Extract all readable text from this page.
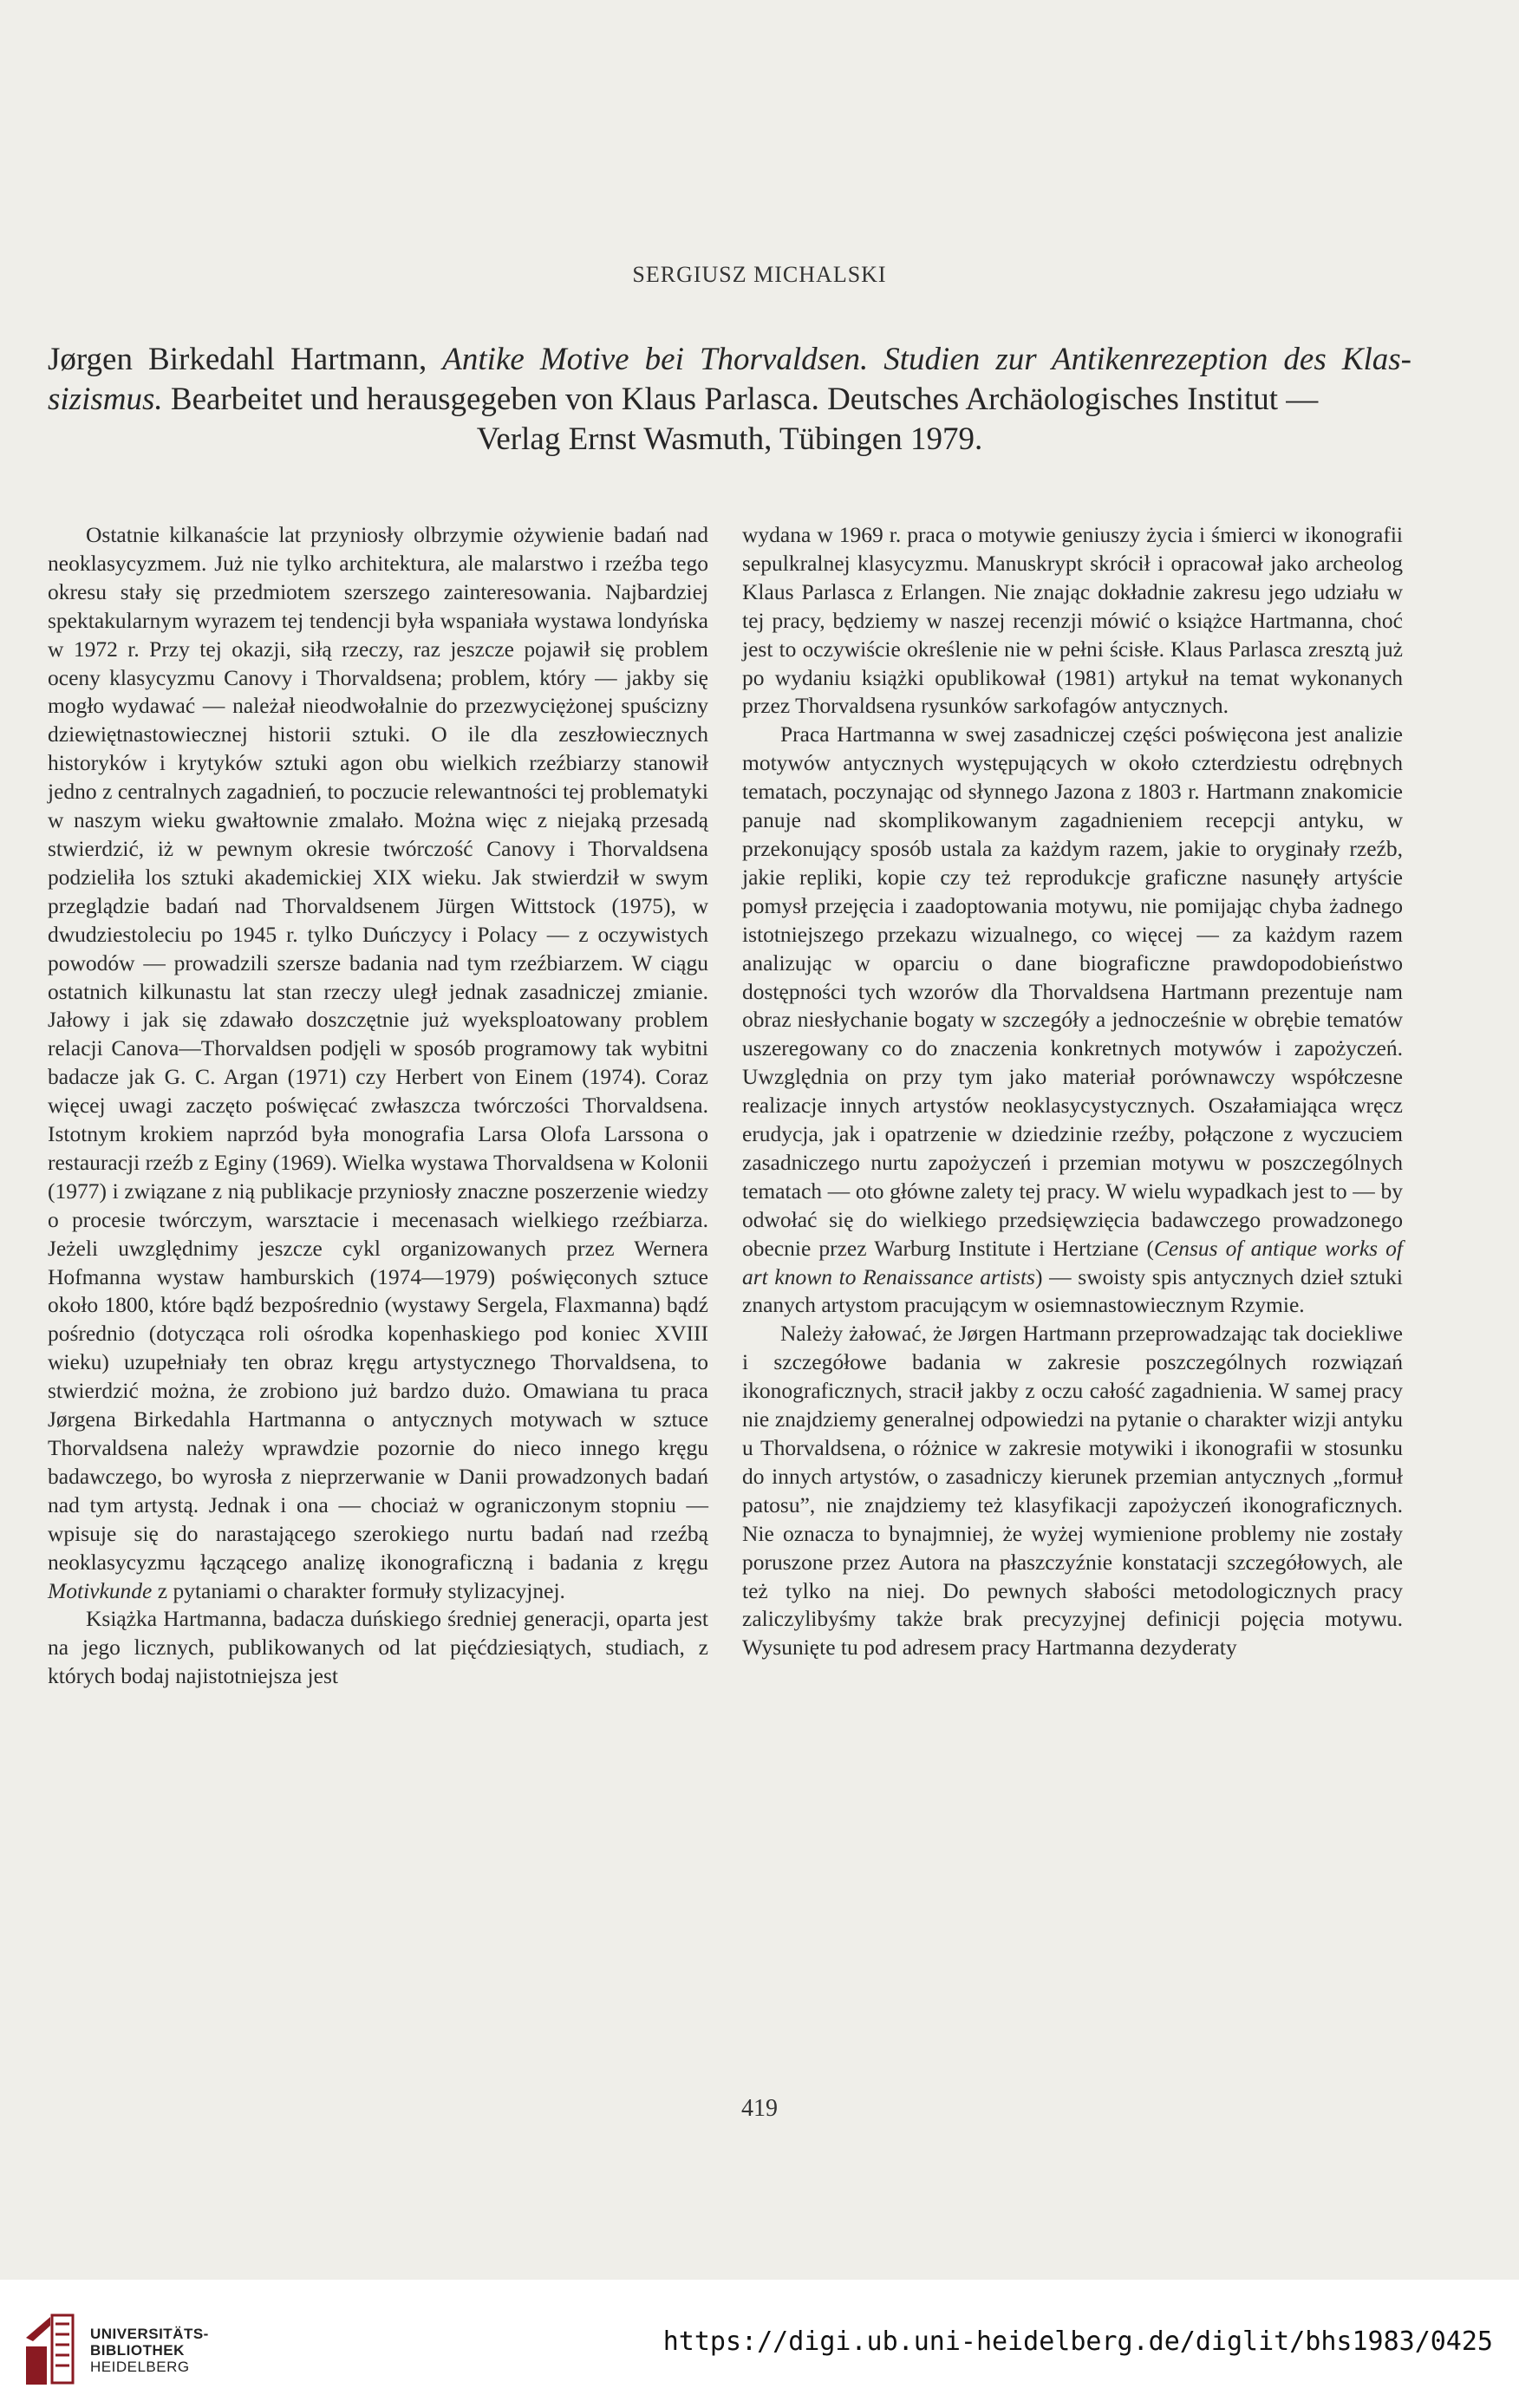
SERGIUSZ MICHALSKI
Jørgen Birkedahl Hartmann, Antike Motive bei Thorvaldsen. Studien zur Antikenrezeption des Klas- sizismus. Bearbeitet und herausgegeben von Klaus Parlasca. Deutsches Archäologisches Institut —
Verlag Ernst Wasmuth, Tübingen 1979.

Ostatnie kilkanaście lat przyniosły olbrzymie ożywienie badań nad neoklasycyzmem. Już nie tylko architektura, ale malarstwo i rzeźba tego okresu stały się przedmiotem szerszego zainteresowania. Najbardziej spektakularnym wyrazem tej tendencji była wspaniała wystawa londyńska w 1972 r. Przy tej okazji, siłą rzeczy, raz jeszcze pojawił się problem oceny klasycyzmu Canovy i Thorvaldsena; problem, który — jakby się mogło wydawać — należał nieodwołalnie do przezwyciężonej spuścizny dziewiętnastowiecznej historii sztuki. O ile dla zeszłowiecznych historyków i krytyków sztuki agon obu wielkich rzeźbiarzy stanowił jedno z centralnych zagadnień, to poczucie relewantności tej problematyki w naszym wieku gwałtownie zmalało. Można więc z niejaką przesadą stwierdzić, iż w pewnym okresie twórczość Canovy i Thorvaldsena podzieliła los sztuki akademickiej XIX wieku. Jak stwierdził w swym przeglądzie badań nad Thorvaldsenem Jürgen Wittstock (1975), w dwudziestoleciu po 1945 r. tylko Duńczycy i Polacy — z oczywistych powodów — prowadzili szersze badania nad tym rzeźbiarzem. W ciągu ostatnich kilkunastu lat stan rzeczy uległ jednak zasadniczej zmianie. Jałowy i jak się zdawało doszczętnie już wyeksploatowany problem relacji Canova—Thorvaldsen podjęli w sposób programowy tak wybitni badacze jak G. C. Argan (1971) czy Herbert von Einem (1974). Coraz więcej uwagi zaczęto poświęcać zwłaszcza twórczości Thorvaldsena. Istotnym krokiem naprzód była monografia Larsa Olofa Larssona o restauracji rzeźb z Eginy (1969). Wielka wystawa Thorvaldsena w Kolonii (1977) i związane z nią publikacje przyniosły znaczne poszerzenie wiedzy o procesie twórczym, warsztacie i mecenasach wielkiego rzeźbiarza. Jeżeli uwzględnimy jeszcze cykl organizowanych przez Wernera Hofmanna wystaw hamburskich (1974—1979) poświęconych sztuce około 1800, które bądź bezpośrednio (wystawy Sergela, Flaxmanna) bądź pośrednio (dotycząca roli ośrodka kopenhaskiego pod koniec XVIII wieku) uzupełniały ten obraz kręgu artystycznego Thorvaldsena, to stwierdzić można, że zrobiono już bardzo dużo. Omawiana tu praca Jørgena Birkedahla Hartmanna o antycznych motywach w sztuce Thorvaldsena należy wprawdzie pozornie do nieco innego kręgu badawczego, bo wyrosła z nieprzerwanie w Danii prowadzonych badań nad tym artystą. Jednak i ona — chociaż w ograniczonym stopniu — wpisuje się do narastającego szerokiego nurtu badań nad rzeźbą neoklasycyzmu łączącego analizę ikonograficzną i badania z kręgu Motivkunde z pytaniami o charakter formuły stylizacyjnej.

Książka Hartmanna, badacza duńskiego średniej generacji, oparta jest na jego licznych, publikowanych od lat pięćdziesiątych, studiach, z których bodaj najistotniejsza jest

wydana w 1969 r. praca o motywie geniuszy życia i śmierci w ikonografii sepulkralnej klasycyzmu. Manuskrypt skrócił i opracował jako archeolog Klaus Parlasca z Erlangen. Nie znając dokładnie zakresu jego udziału w tej pracy, będziemy w naszej recenzji mówić o książce Hartmanna, choć jest to oczywiście określenie nie w pełni ścisłe. Klaus Parlasca zresztą już po wydaniu książki opublikował (1981) artykuł na temat wykonanych przez Thorvaldsena rysunków sarkofagów antycznych.

Praca Hartmanna w swej zasadniczej części poświęcona jest analizie motywów antycznych występujących w około czterdziestu odrębnych tematach, poczynając od słynnego Jazona z 1803 r. Hartmann znakomicie panuje nad skomplikowanym zagadnieniem recepcji antyku, w przekonujący sposób ustala za każdym razem, jakie to oryginały rzeźb, jakie repliki, kopie czy też reprodukcje graficzne nasunęły artyście pomysł przejęcia i zaadoptowania motywu, nie pomijając chyba żadnego istotniejszego przekazu wizualnego, co więcej — za każdym razem analizując w oparciu o dane biograficzne prawdopodobieństwo dostępności tych wzorów dla Thorvaldsena Hartmann prezentuje nam obraz niesłychanie bogaty w szczegóły a jednocześnie w obrębie tematów uszeregowany co do znaczenia konkretnych motywów i zapożyczeń. Uwzględnia on przy tym jako materiał porównawczy współczesne realizacje innych artystów neoklasycystycznych. Oszałamiająca wręcz erudycja, jak i opatrzenie w dziedzinie rzeźby, połączone z wyczuciem zasadniczego nurtu zapożyczeń i przemian motywu w poszczególnych tematach — oto główne zalety tej pracy. W wielu wypadkach jest to — by odwołać się do wielkiego przedsięwzięcia badawczego prowadzonego obecnie przez Warburg Institute i Hertziane (Census of antique works of art known to Renaissance artists) — swoisty spis antycznych dzieł sztuki znanych artystom pracującym w osiemnastowiecznym Rzymie.

Należy żałować, że Jørgen Hartmann przeprowadzając tak dociekliwe i szczegółowe badania w zakresie poszczególnych rozwiązań ikonograficznych, stracił jakby z oczu całość zagadnienia. W samej pracy nie znajdziemy generalnej odpowiedzi na pytanie o charakter wizji antyku u Thorvaldsena, o różnice w zakresie motywiki i ikonografii w stosunku do innych artystów, o zasadniczy kierunek przemian antycznych „formuł patosu”, nie znajdziemy też klasyfikacji zapożyczeń ikonograficznych. Nie oznacza to bynajmniej, że wyżej wymienione problemy nie zostały poruszone przez Autora na płaszczyźnie konstatacji szczegółowych, ale też tylko na niej. Do pewnych słabości metodologicznych pracy zaliczylibyśmy także brak precyzyjnej definicji pojęcia motywu. Wysunięte tu pod adresem pracy Hartmanna dezyderaty

419
UNIVERSITÄTS-
BIBLIOTHEK
HEIDELBERG
https://digi.ub.uni-heidelberg.de/diglit/bhs1983/0425
